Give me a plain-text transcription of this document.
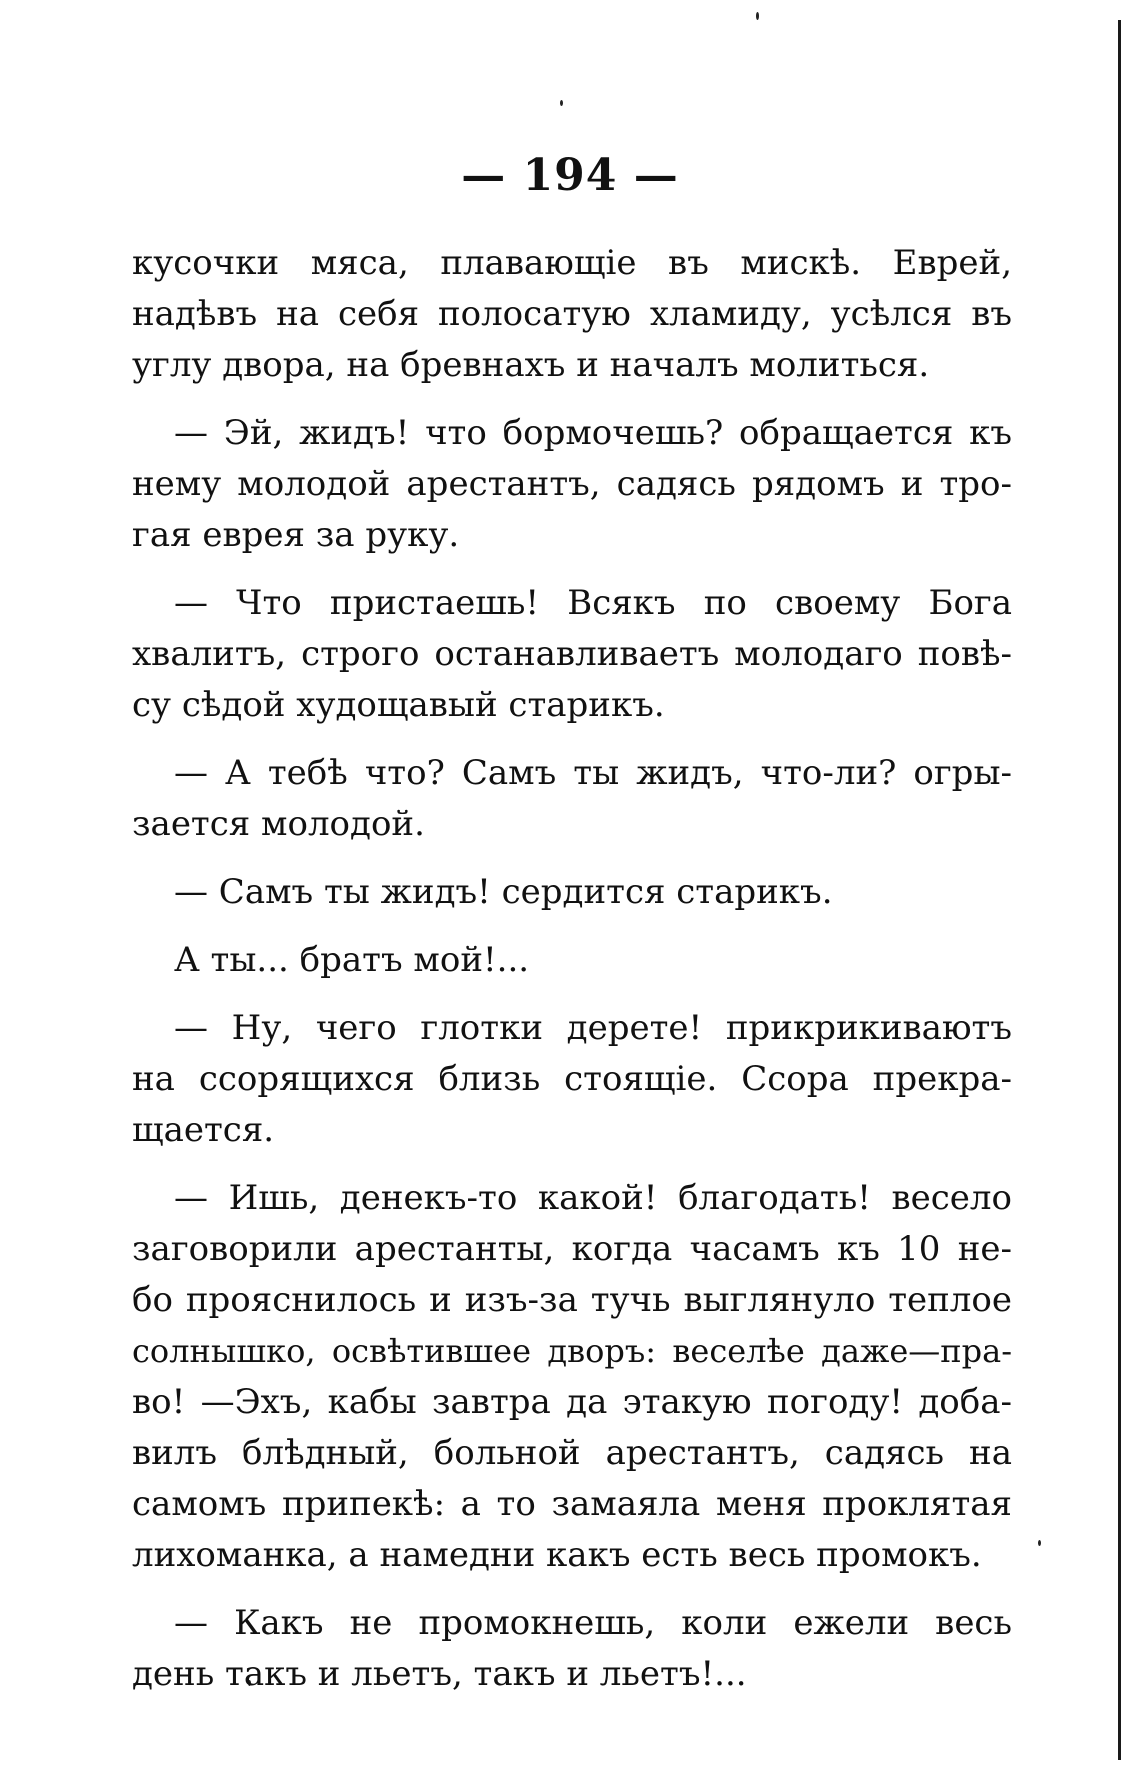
— 194 —
кусочки мяса, плавающіе въ мискѣ. Еврей,
надѣвъ на себя полосатую хламиду, усѣлся въ
углу двора, на бревнахъ и началъ молиться.
— Эй, жидъ! что бормочешь? обращается къ
нему молодой арестантъ, садясь рядомъ и тро-
гая еврея за руку.
— Что пристаешь! Всякъ по своему Бога
хвалитъ, строго останавливаетъ молодаго повѣ-
су сѣдой худощавый старикъ.
— А тебѣ что? Самъ ты жидъ, что-ли? огры-
зается молодой.
— Самъ ты жидъ! сердится старикъ.
А ты... братъ мой!...
— Ну, чего глотки дерете! прикрикиваютъ
на ссорящихся близь стоящіе. Ссора прекра-
щается.
— Ишь, денекъ-то какой! благодать! весело
заговорили арестанты, когда часамъ къ 10 не-
бо прояснилось и изъ-за тучь выглянуло теплое
солнышко, освѣтившее дворъ: веселѣе даже—пра-
во! —Эхъ, кабы завтра да этакую погоду! доба-
вилъ блѣдный, больной арестантъ, садясь на
самомъ припекѣ: а то замаяла меня проклятая
лихоманка, а намедни какъ есть весь промокъ.
— Какъ не промокнешь, коли ежели весь
день такъ и льетъ, такъ и льетъ!...
